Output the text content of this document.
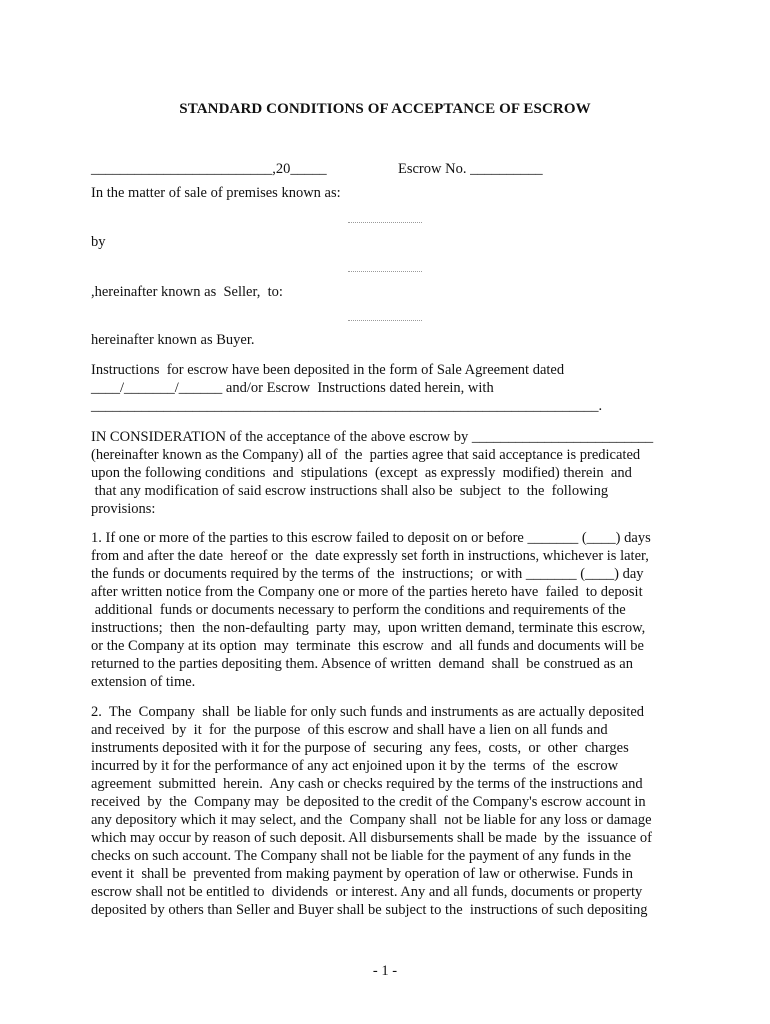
STANDARD CONDITIONS OF ACCEPTANCE OF ESCROW
_________________________,20_____	Escrow No. __________
In the matter of sale of premises known as:
by
,hereinafter known as  Seller,  to:
hereinafter known as Buyer.
Instructions  for escrow have been deposited in the form of Sale Agreement dated
____/_______/______ and/or Escrow  Instructions dated herein, with
______________________________________________________________________.
IN CONSIDERATION of the acceptance of the above escrow by _________________________
(hereinafter known as the Company) all of  the  parties agree that said acceptance is predicated
upon the following conditions  and  stipulations  (except  as expressly  modified) therein  and
that any modification of said escrow instructions shall also be  subject  to  the  following
provisions:
1. If one or more of the parties to this escrow failed to deposit on or before _______ (____) days
from and after the date  hereof or  the  date expressly set forth in instructions, whichever is later,
the funds or documents required by the terms of  the  instructions;  or with _______ (____) day
after written notice from the Company one or more of the parties hereto have  failed  to deposit
additional  funds or documents necessary to perform the conditions and requirements of the
instructions;  then  the non-defaulting  party  may,  upon written demand, terminate this escrow,
or the Company at its option  may  terminate  this escrow  and  all funds and documents will be
returned to the parties depositing them. Absence of written  demand  shall  be construed as an
extension of time.
2.  The  Company  shall  be liable for only such funds and instruments as are actually deposited
and received  by  it  for  the purpose  of this escrow and shall have a lien on all funds and
instruments deposited with it for the purpose of  securing  any fees,  costs,  or  other  charges
incurred by it for the performance of any act enjoined upon it by the  terms  of  the  escrow
agreement  submitted  herein.  Any cash or checks required by the terms of the instructions and
received  by  the  Company may  be deposited to the credit of the Company's escrow account in
any depository which it may select, and the  Company shall  not be liable for any loss or damage
which may occur by reason of such deposit. All disbursements shall be made  by the  issuance of
checks on such account. The Company shall not be liable for the payment of any funds in the
event it  shall be  prevented from making payment by operation of law or otherwise. Funds in
escrow shall not be entitled to  dividends  or interest. Any and all funds, documents or property
deposited by others than Seller and Buyer shall be subject to the  instructions of such depositing
- 1 -
